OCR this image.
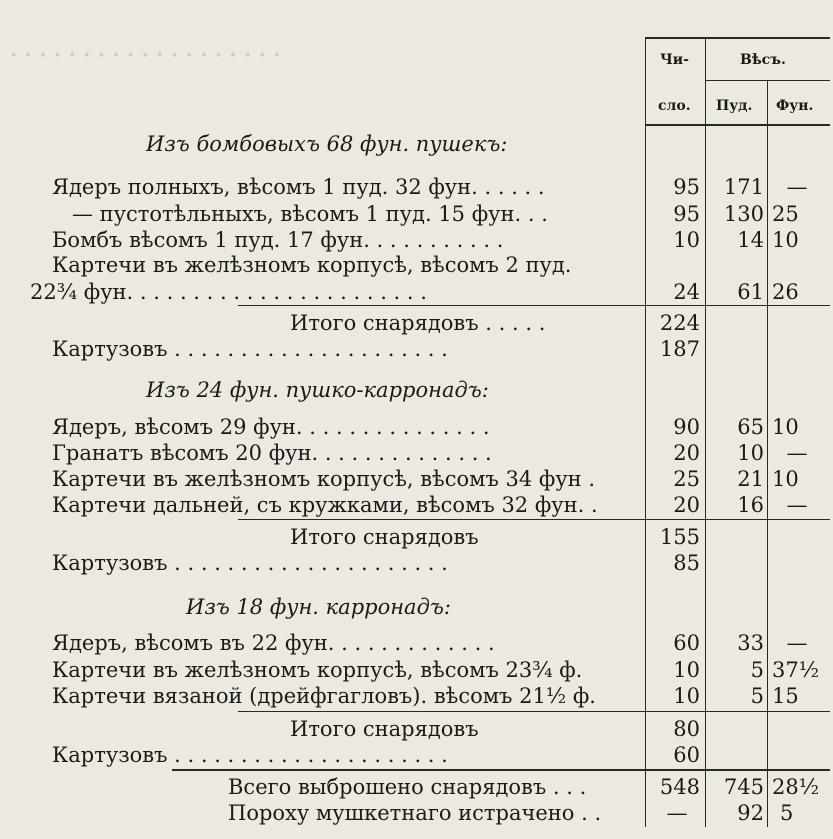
· · · · · · · · · · · · · · · · · · ·	Чи-
сло.
Вѣсъ.
Пуд. Фун.
Изъ бомбовыхъ 68 фун. пушекъ:
Ядеръ полныхъ, вѣсомъ 1 пуд. 32 фун. . . . . .	95	171	—
— пустотѣльныхъ, вѣсомъ 1 пуд. 15 фун. . .	95	130 25
Бомбъ вѣсомъ 1 пуд. 17 фун. . . . . . . . . . .	10	14 10
Картечи въ желѣзномъ корпусѣ, вѣсомъ 2 пуд.
22¾ фун. . . . . . . . . . . . . . . . . . . . . . .	24	61 26
Итого снарядовъ . . . . .	224
Картузовъ . . . . . . . . . . . . . . . . . . . . .	187
Изъ 24 фун. пушко-карронадъ:
Ядеръ, вѣсомъ 29 фун. . . . . . . . . . . . . . .	90	65 10
Гранатъ вѣсомъ 20 фун. . . . . . . . . . . . . .	20	10	—
Картечи въ желѣзномъ корпусѣ, вѣсомъ 34 фун .	25	21 10
Картечи дальней, съ кружками, вѣсомъ 32 фун. .	20	16	—
Итого снарядовъ	155
Картузовъ . . . . . . . . . . . . . . . . . . . . .	85
Изъ 18 фун. карронадъ:
Ядеръ, вѣсомъ въ 22 фун. . . . . . . . . . . . .	60	33	—
Картечи въ желѣзномъ корпусѣ, вѣсомъ 23¾ ф.	10	5 37½
Картечи вязаной (дрейфгагловъ). вѣсомъ 21½ ф.	10	5 15
Итого снарядовъ	80
Картузовъ . . . . . . . . . . . . . . . . . . . . .	60
Всего выброшено снарядовъ . . .	548	745 28½
Пороху мушкетнаго истрачено . .	—	92 5
